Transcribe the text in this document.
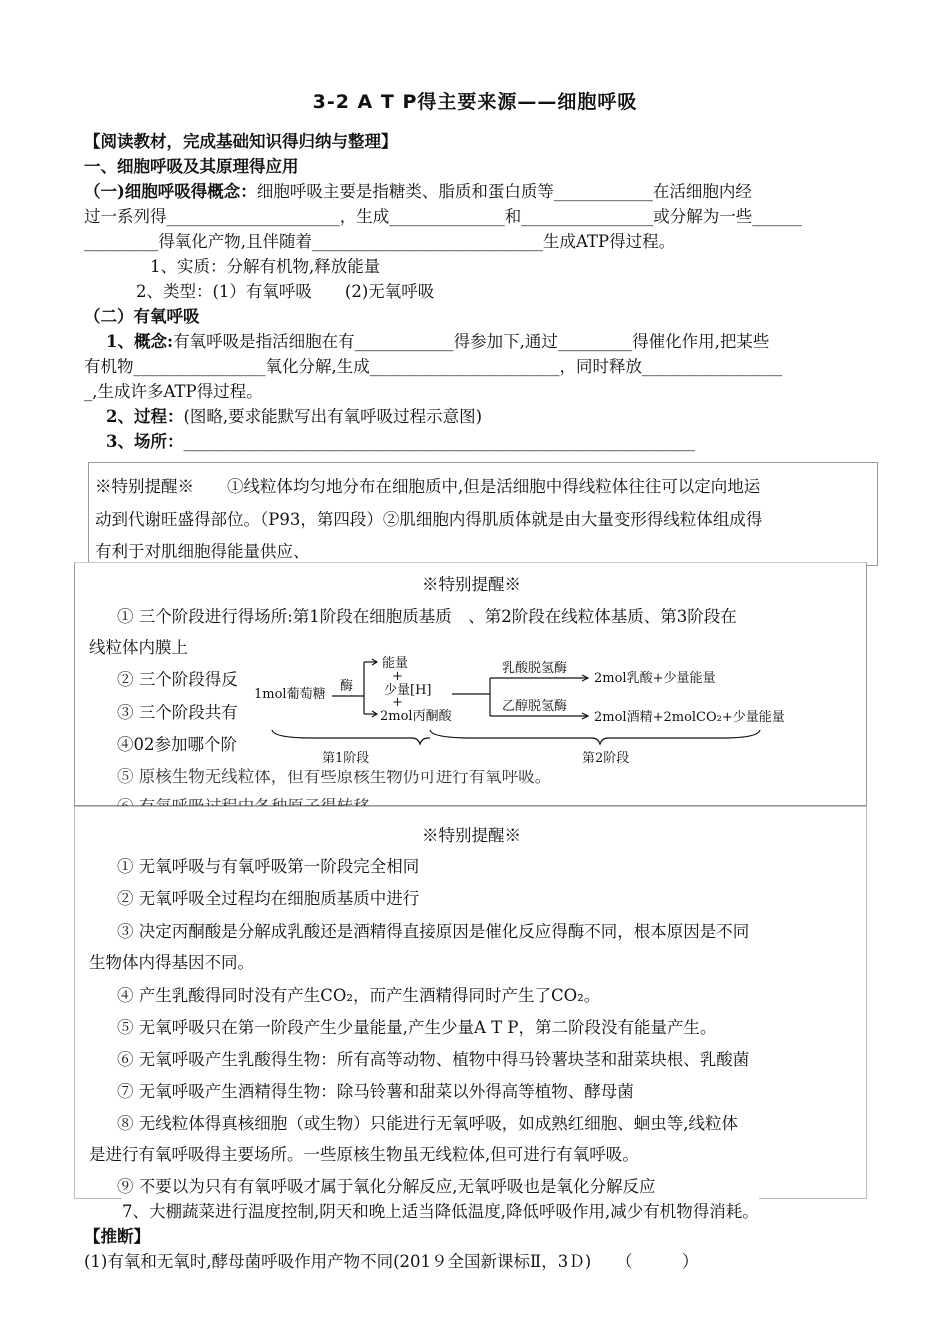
3-2 A T P得主要来源——细胞呼吸
【阅读教材，完成基础知识得归纳与整理】
一、细胞呼吸及其原理得应用
（一)细胞呼吸得概念：细胞呼吸主要是指糖类、脂质和蛋白质等____________在活细胞内经
过一系列得_____________________，生成______________和________________或分解为一些______
_________得氧化产物,且伴随着____________________________生成ATP得过程。
1、实质：分解有机物,释放能量
2、类型：(1）有氧呼吸　　(2)无氧呼吸
（二）有氧呼吸
1、概念:有氧呼吸是指活细胞在有____________得参加下,通过_________得催化作用,把某些
有机物________________氧化分解,生成_______________________，同时释放_________________
_,生成许多ATP得过程。
2、过程：(图略,要求能默写出有氧呼吸过程示意图)
3、场所：______________________________________________________________
※特别提醒※　　①线粒体均匀地分布在细胞质中,但是活细胞中得线粒体往往可以定向地运
动到代谢旺盛得部位。（P93，第四段）②肌细胞内得肌质体就是由大量变形得线粒体组成得
有利于对肌细胞得能量供应、
※特别提醒※
① 三个阶段进行得场所:第1阶段在细胞质基质　、第2阶段在线粒体基质、第3阶段在
线粒体内膜上
② 三个阶段得反
③ 三个阶段共有
④02参加哪个阶
⑤ 原核生物无线粒体，但有些原核生物仍可进行有氧呼吸。
1mol葡萄糖
酶
能量
+
少量[H]
+
2mol丙酮酸
乳酸脱氢酶
2mol乳酸+少量能量
乙醇脱氢酶
2mol酒精+2molCO₂+少量能量
第1阶段	第2阶段
※特别提醒※
① 无氧呼吸与有氧呼吸第一阶段完全相同
② 无氧呼吸全过程均在细胞质基质中进行
③ 决定丙酮酸是分解成乳酸还是酒精得直接原因是催化反应得酶不同，根本原因是不同
生物体内得基因不同。
④ 产生乳酸得同时没有产生CO₂，而产生酒精得同时产生了CO₂。
⑤ 无氧呼吸只在第一阶段产生少量能量,产生少量A T P，第二阶段没有能量产生。
⑥ 无氧呼吸产生乳酸得生物：所有高等动物、植物中得马铃薯块茎和甜菜块根、乳酸菌
⑦ 无氧呼吸产生酒精得生物：除马铃薯和甜菜以外得高等植物、酵母菌
⑧ 无线粒体得真核细胞（或生物）只能进行无氧呼吸，如成熟红细胞、蛔虫等,线粒体
是进行有氧呼吸得主要场所。一些原核生物虽无线粒体,但可进行有氧呼吸。
⑨ 不要以为只有有氧呼吸才属于氧化分解反应,无氧呼吸也是氧化分解反应
7、大棚蔬菜进行温度控制,阴天和晚上适当降低温度,降低呼吸作用,减少有机物得消耗。
【推断】
(1)有氧和无氧时,酵母菌呼吸作用产物不同(201９全国新课标Ⅱ，3Ｄ)　　（　　　）
